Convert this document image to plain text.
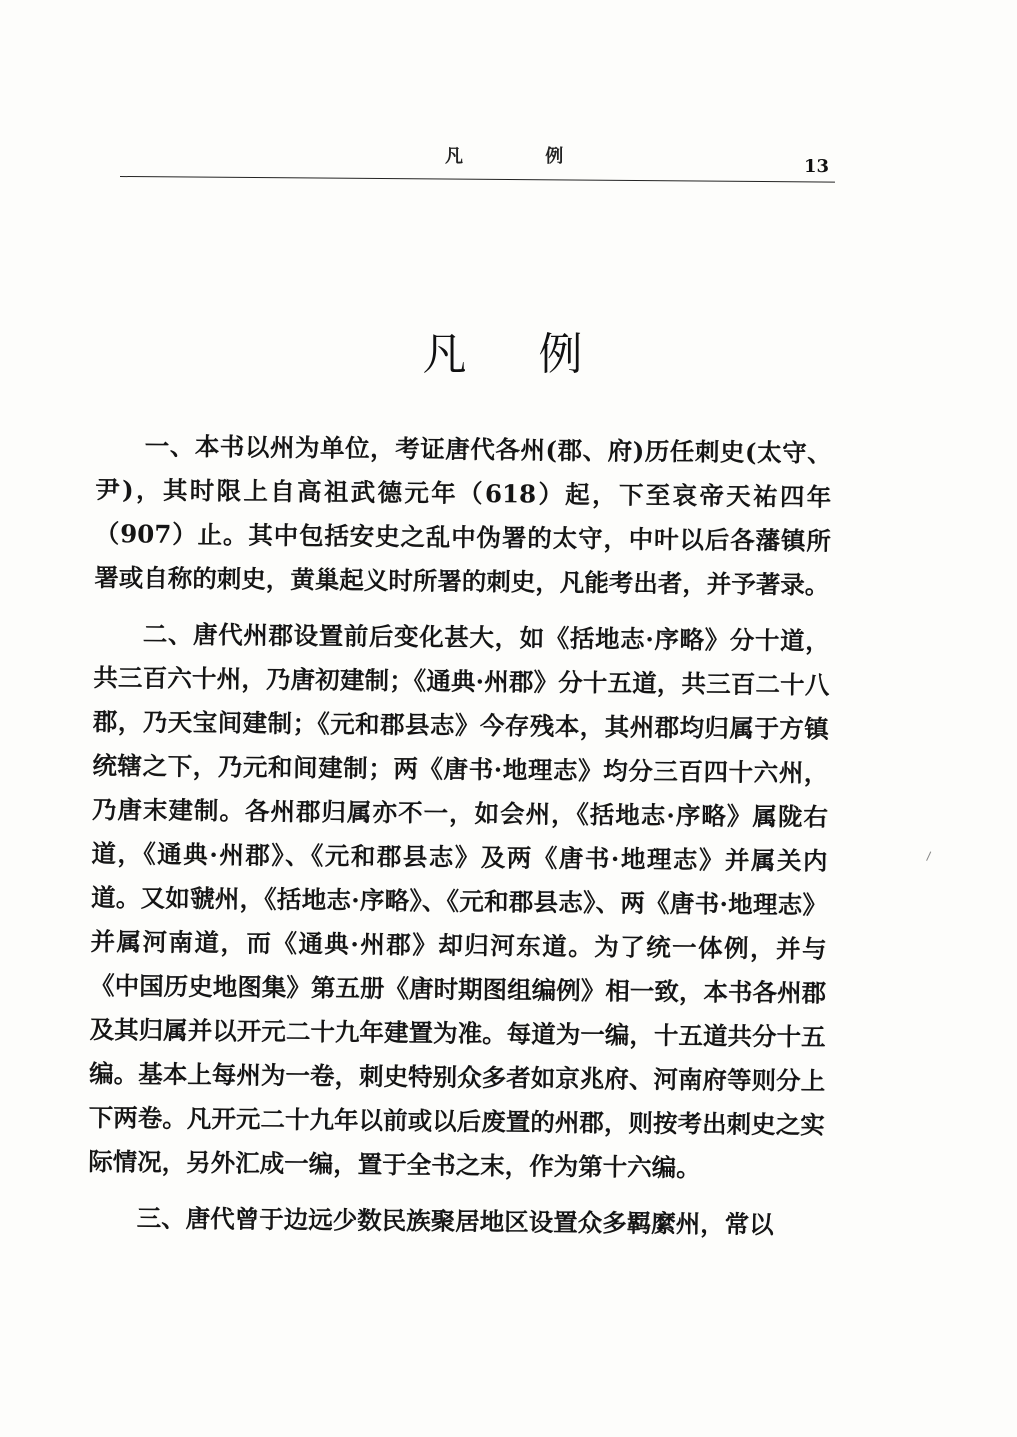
凡 例	13
凡例

一、本书以州为单位，考证唐代各州(郡、府)历任刺史(太守、尹)，其时限上自高祖武德元年（618）起，下至哀帝天祐四年（907）止。其中包括安史之乱中伪署的太守，中叶以后各藩镇所署或自称的刺史，黄巢起义时所署的刺史，凡能考出者，并予著录。

二、唐代州郡设置前后变化甚大，如《括地志·序略》分十道，共三百六十州，乃唐初建制；《通典·州郡》分十五道，共三百二十八郡，乃天宝间建制；《元和郡县志》今存残本，其州郡均归属于方镇统辖之下，乃元和间建制；两《唐书·地理志》均分三百四十六州，乃唐末建制。各州郡归属亦不一，如会州，《括地志·序略》属陇右道，《通典·州郡》、《元和郡县志》及两《唐书·地理志》并属关内道。又如虢州，《括地志·序略》、《元和郡县志》、两《唐书·地理志》并属河南道，而《通典·州郡》却归河东道。为了统一体例，并与《中国历史地图集》第五册《唐时期图组编例》相一致，本书各州郡及其归属并以开元二十九年建置为准。每道为一编，十五道共分十五编。基本上每州为一卷，刺史特别众多者如京兆府、河南府等则分上下两卷。凡开元二十九年以前或以后废置的州郡，则按考出刺史之实际情况，另外汇成一编，置于全书之末，作为第十六编。

三、唐代曾于边远少数民族聚居地区设置众多羁縻州，常以
